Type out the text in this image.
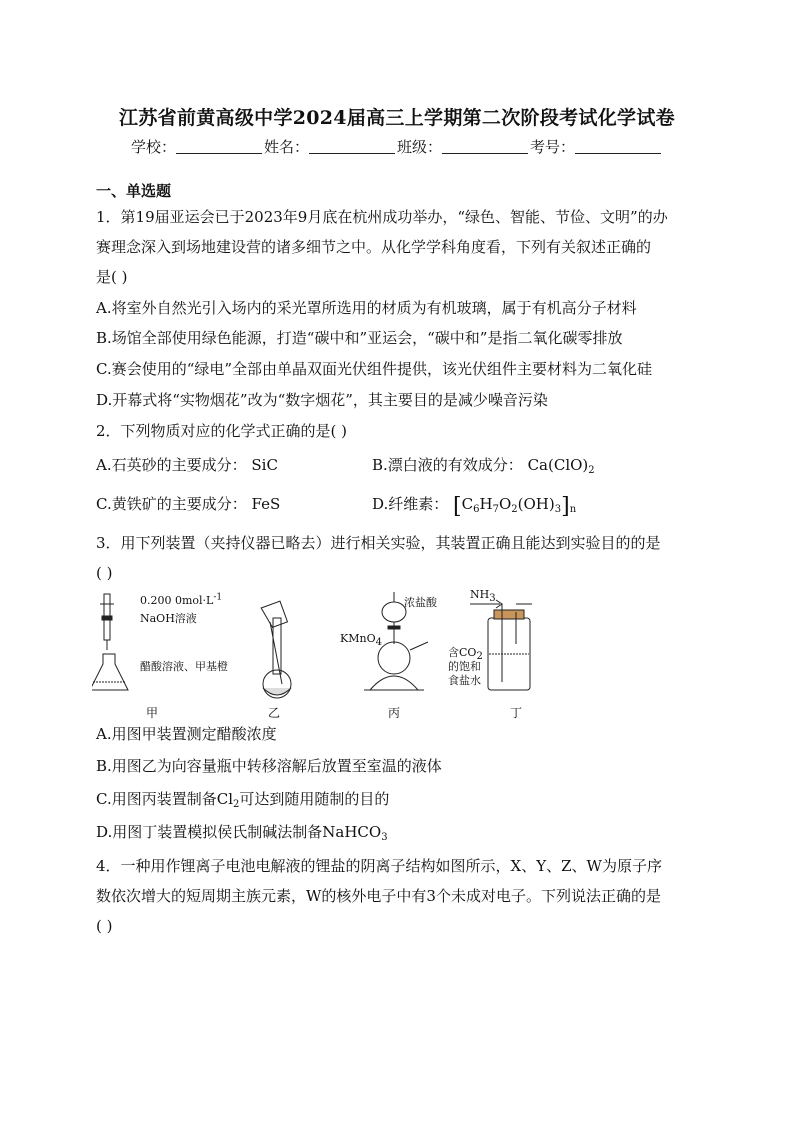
江苏省前黄高级中学2024届高三上学期第二次阶段考试化学试卷
学校：	姓名：	班级：	考号：
一、单选题
1．第19届亚运会已于2023年9月底在杭州成功举办，“绿色、智能、节俭、文明”的办
赛理念深入到场地建设营的诸多细节之中。从化学学科角度看，下列有关叙述正确的
是( )
A.将室外自然光引入场内的采光罩所选用的材质为有机玻璃，属于有机高分子材料
B.场馆全部使用绿色能源，打造“碳中和”亚运会，“碳中和”是指二氧化碳零排放
C.赛会使用的“绿电”全部由单晶双面光伏组件提供，该光伏组件主要材料为二氧化硅
D.开幕式将“实物烟花”改为“数字烟花”，其主要目的是减少噪音污染
2．下列物质对应的化学式正确的是( )
A.石英砂的主要成分： SiC	B.漂白液的有效成分： $Ca(ClO)_2$
C.黄铁矿的主要成分： FeS	D.纤维素： $[C_6H_7O_2(OH)_3]_n$
3．用下列装置（夹持仪器已略去）进行相关实验，其装置正确且能达到实验目的的是
( )
0.200 $0mol\cdot L^{-1}$
NaOH溶液
醋酸溶液、甲基橙
浓盐酸
KMnO$_4$
$NH_3$
含$CO_2$
的饱和
食盐水
甲	乙	丙	丁
A.用图甲装置测定醋酸浓度
B.用图乙为向容量瓶中转移溶解后放置至室温的液体
C.用图丙装置制备$Cl_2$可达到随用随制的目的
D.用图丁装置模拟侯氏制碱法制备NaHCO$_3$
4．一种用作锂离子电池电解液的锂盐的阴离子结构如图所示，X、Y、Z、W为原子序
数依次增大的短周期主族元素，W的核外电子中有3个未成对电子。下列说法正确的是
( )
